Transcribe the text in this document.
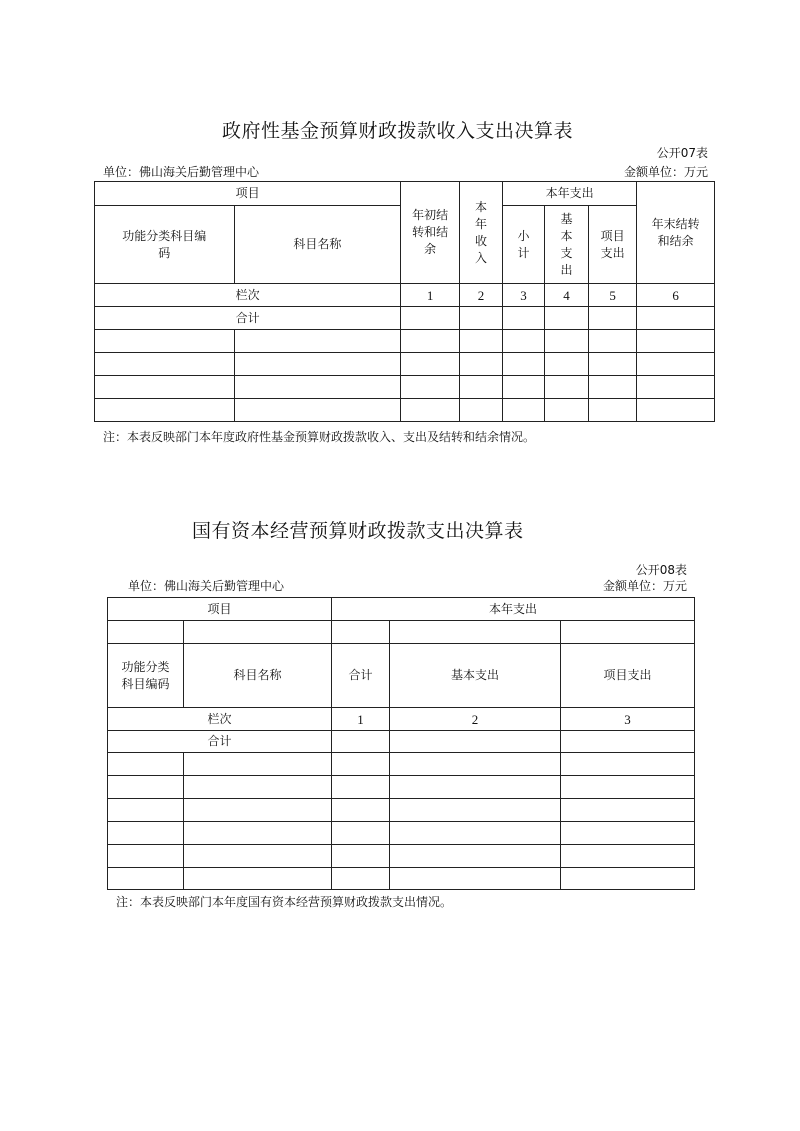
政府性基金预算财政拨款收入支出决算表
公开07表
单位：佛山海关后勤管理中心	金额单位：万元
项目		年初结转和结余	本年收入	本年支出			年末结转和结余
功能分类科目编码	科目名称			小计	基本支出	项目支出	
栏次		1	2	3	4	5	6
合计							

注：本表反映部门本年度政府性基金预算财政拨款收入、支出及结转和结余情况。
国有资本经营预算财政拨款支出决算表
公开08表
单位：佛山海关后勤管理中心	金额单位：万元
项目		本年支出		

功能分类科目编码	科目名称	合计	基本支出	项目支出
栏次		1	2	3
合计				

注：本表反映部门本年度国有资本经营预算财政拨款支出情况。
